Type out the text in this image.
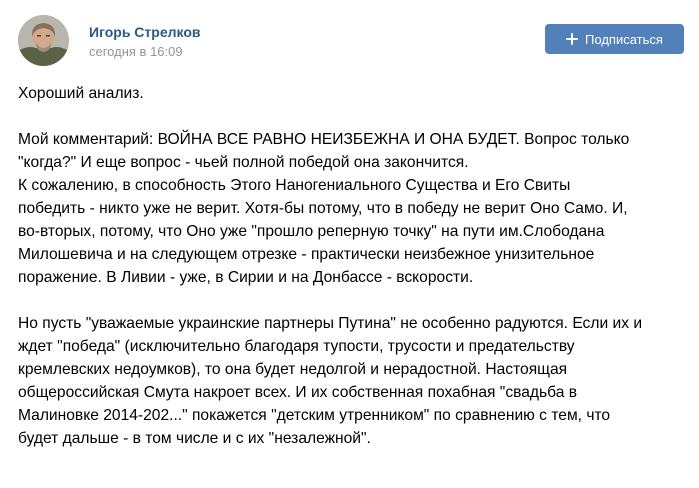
Игорь Стрелков
сегодня в 16:09
Подписаться
Хороший анализ.
Мой комментарий: ВОЙНА ВСЕ РАВНО НЕИЗБЕЖНА И ОНА БУДЕТ. Вопрос только
"когда?" И еще вопрос - чьей полной победой она закончится.
К сожалению, в способность Этого Наногениального Существа и Его Свиты
победить - никто уже не верит. Хотя-бы потому, что в победу не верит Оно Само. И,
во-вторых, потому, что Оно уже "прошло реперную точку" на пути им.Слободана
Милошевича и на следующем отрезке - практически неизбежное унизительное
поражение. В Ливии - уже, в Сирии и на Донбассе - вскорости.
Но пусть "уважаемые украинские партнеры Путина" не особенно радуются. Если их и
ждет "победа" (исключительно благодаря тупости, трусости и предательству
кремлевских недоумков), то она будет недолгой и нерадостной. Настоящая
общероссийская Смута накроет всех. И их собственная похабная "свадьба в
Малиновке 2014-202..." покажется "детским утренником" по сравнению с тем, что
будет дальше - в том числе и с их "незалежной".
